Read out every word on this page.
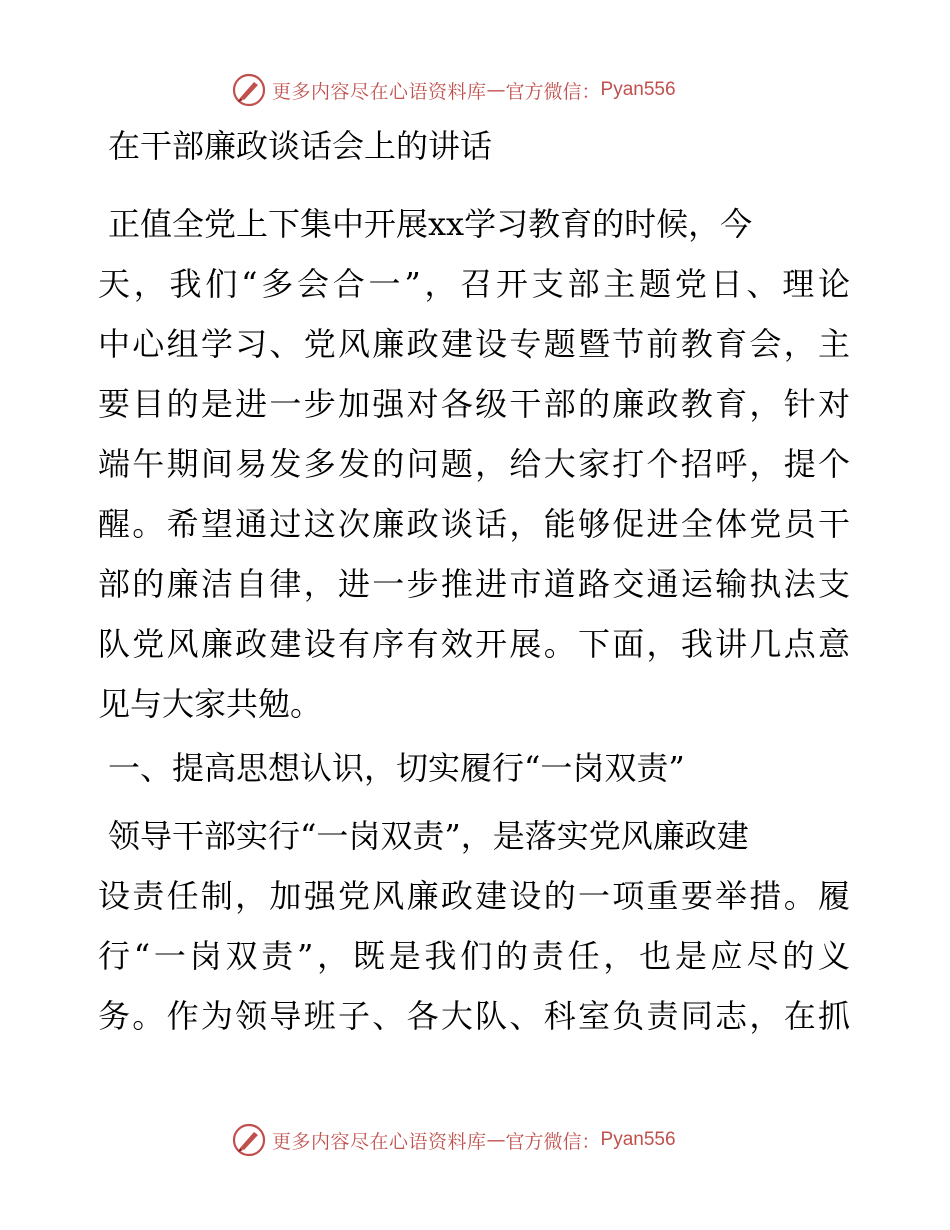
更多内容尽在心语资料库 — 官方微信： Pyan556
在干部廉政谈话会上的讲话
正值全党上下集中开展xx学习教育的时候，今
天，我们“多会合一”，召开支部主题党日、理论
中心组学习、党风廉政建设专题暨节前教育会，主
要目的是进一步加强对各级干部的廉政教育，针对
端午期间易发多发的问题，给大家打个招呼，提个
醒。希望通过这次廉政谈话，能够促进全体党员干
部的廉洁自律，进一步推进市道路交通运输执法支
队党风廉政建设有序有效开展。下面，我讲几点意
见与大家共勉。
一、提高思想认识，切实履行“一岗双责”
领导干部实行“一岗双责”，是落实党风廉政建
设责任制，加强党风廉政建设的一项重要举措。履
行“一岗双责”，既是我们的责任，也是应尽的义
务。作为领导班子、各大队、科室负责同志，在抓
更多内容尽在心语资料库 — 官方微信： Pyan556
